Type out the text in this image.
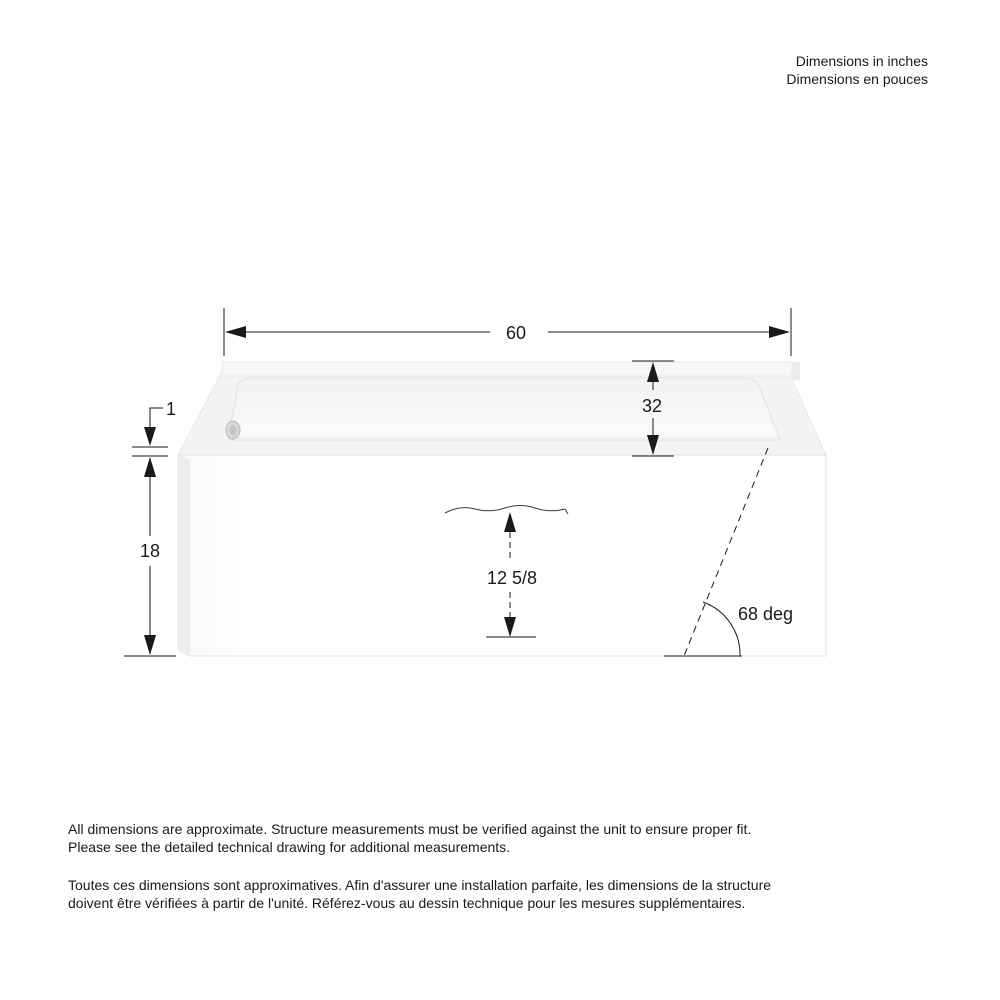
Dimensions in inches
Dimensions en pouces
60
32
1
18
12 5/8
68 deg
All dimensions are approximate. Structure measurements must be verified against the unit to ensure proper fit. Please see the detailed technical drawing for additional measurements.
Toutes ces dimensions sont approximatives. Afin d'assurer une installation parfaite, les dimensions de la structure doivent être vérifiées à partir de l'unité. Référez-vous au dessin technique pour les mesures supplémentaires.
